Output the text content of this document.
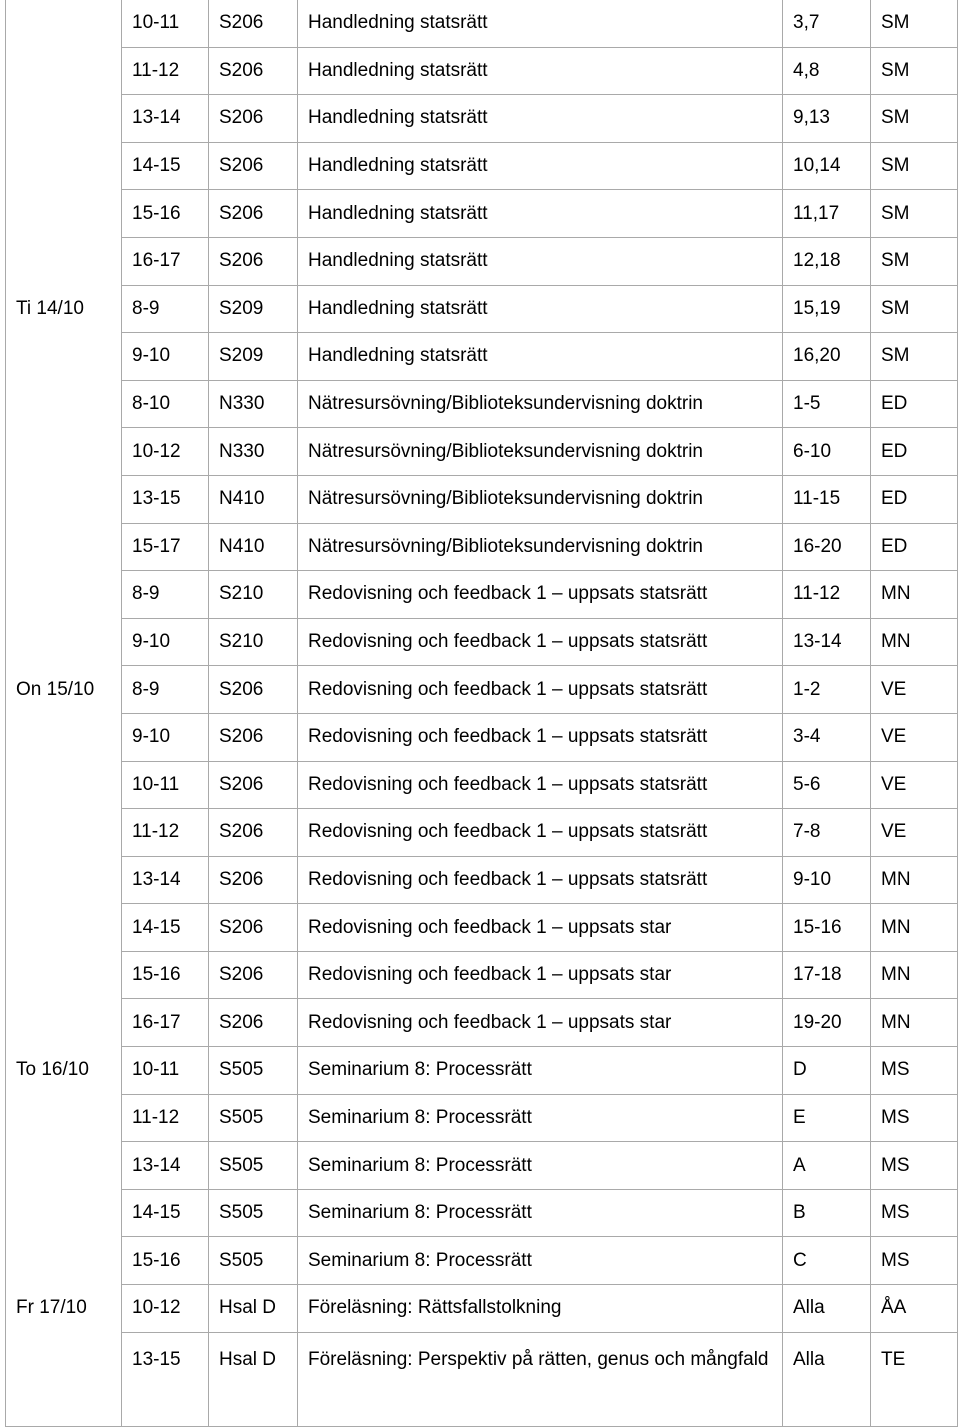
	10-11	S206	Handledning statsrätt	3,7	SM
	11-12	S206	Handledning statsrätt	4,8	SM
	13-14	S206	Handledning statsrätt	9,13	SM
	14-15	S206	Handledning statsrätt	10,14	SM
	15-16	S206	Handledning statsrätt	11,17	SM
	16-17	S206	Handledning statsrätt	12,18	SM
Ti 14/10	8-9	S209	Handledning statsrätt	15,19	SM
	9-10	S209	Handledning statsrätt	16,20	SM
	8-10	N330	Nätresursövning/Biblioteksundervisning doktrin	1-5	ED
	10-12	N330	Nätresursövning/Biblioteksundervisning doktrin	6-10	ED
	13-15	N410	Nätresursövning/Biblioteksundervisning doktrin	11-15	ED
	15-17	N410	Nätresursövning/Biblioteksundervisning doktrin	16-20	ED
	8-9	S210	Redovisning och feedback 1 – uppsats statsrätt	11-12	MN
	9-10	S210	Redovisning och feedback 1 – uppsats statsrätt	13-14	MN
On 15/10	8-9	S206	Redovisning och feedback 1 – uppsats statsrätt	1-2	VE
	9-10	S206	Redovisning och feedback 1 – uppsats statsrätt	3-4	VE
	10-11	S206	Redovisning och feedback 1 – uppsats statsrätt	5-6	VE
	11-12	S206	Redovisning och feedback 1 – uppsats statsrätt	7-8	VE
	13-14	S206	Redovisning och feedback 1 – uppsats statsrätt	9-10	MN
	14-15	S206	Redovisning och feedback 1 – uppsats star	15-16	MN
	15-16	S206	Redovisning och feedback 1 – uppsats star	17-18	MN
	16-17	S206	Redovisning och feedback 1 – uppsats star	19-20	MN
To 16/10	10-11	S505	Seminarium 8: Processrätt	D	MS
	11-12	S505	Seminarium 8: Processrätt	E	MS
	13-14	S505	Seminarium 8: Processrätt	A	MS
	14-15	S505	Seminarium 8: Processrätt	B	MS
	15-16	S505	Seminarium 8: Processrätt	C	MS
Fr 17/10	10-12	Hsal D	Föreläsning: Rättsfallstolkning	Alla	ÅA
	13-15	Hsal D	Föreläsning: Perspektiv på rätten, genus och mångfald	Alla	TE
